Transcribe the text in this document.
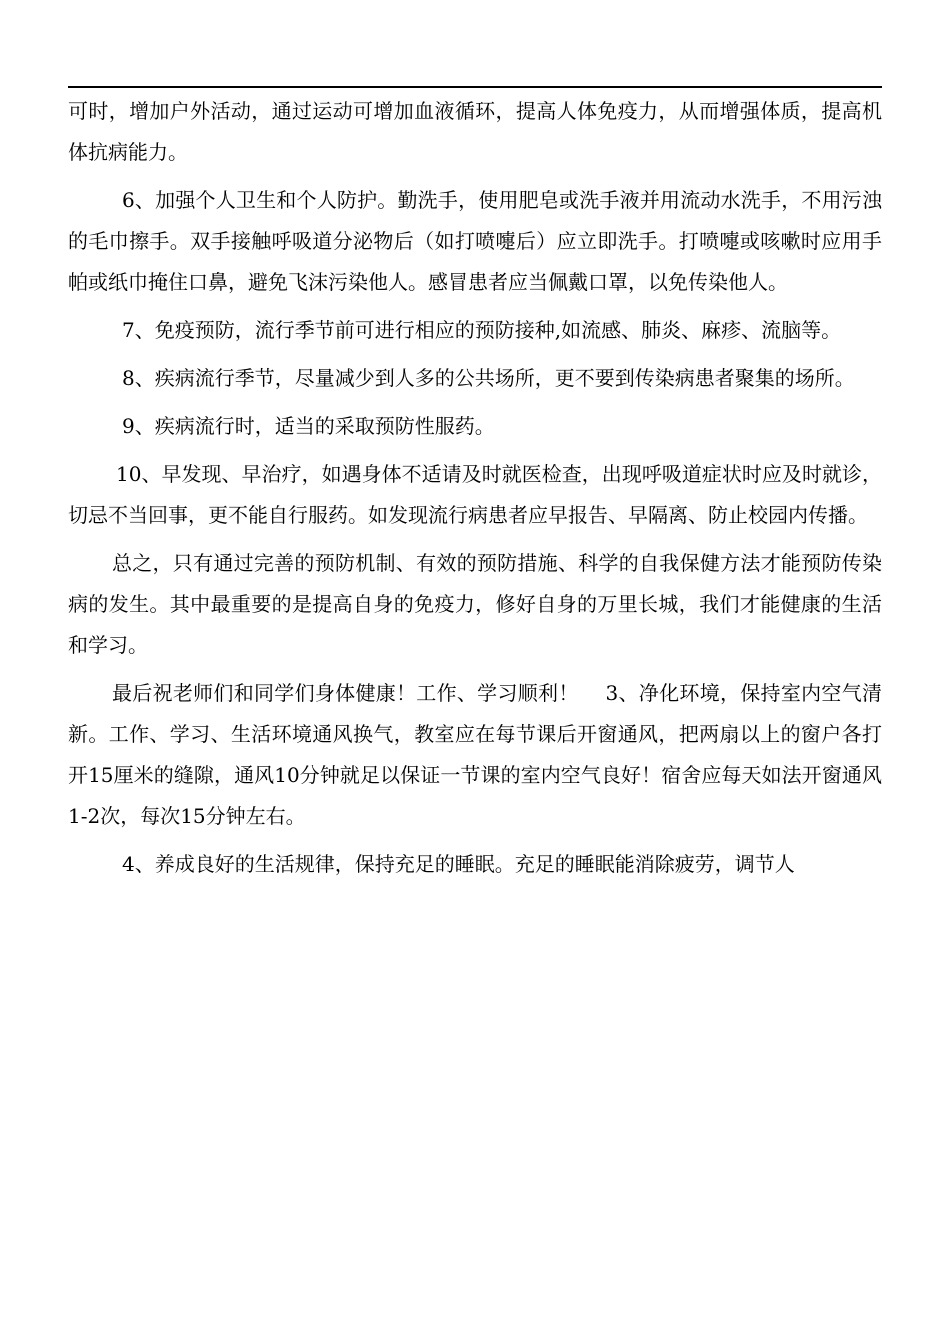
可时，增加户外活动，通过运动可增加血液循环，提高人体免疫力，从而增强体质，提高机体抗病能力。

6、加强个人卫生和个人防护。勤洗手，使用肥皂或洗手液并用流动水洗手，不用污浊的毛巾擦手。双手接触呼吸道分泌物后（如打喷嚏后）应立即洗手。打喷嚏或咳嗽时应用手帕或纸巾掩住口鼻，避免飞沫污染他人。感冒患者应当佩戴口罩，以免传染他人。

7、免疫预防，流行季节前可进行相应的预防接种,如流感、肺炎、麻疹、流脑等。

8、疾病流行季节，尽量减少到人多的公共场所，更不要到传染病患者聚集的场所。

9、疾病流行时，适当的采取预防性服药。

10、早发现、早治疗，如遇身体不适请及时就医检查，出现呼吸道症状时应及时就诊，切忌不当回事，更不能自行服药。如发现流行病患者应早报告、早隔离、防止校园内传播。

总之，只有通过完善的预防机制、有效的预防措施、科学的自我保健方法才能预防传染病的发生。其中最重要的是提高自身的免疫力，修好自身的万里长城，我们才能健康的生活和学习。

最后祝老师们和同学们身体健康！工作、学习顺利！　 3、净化环境，保持室内空气清新。工作、学习、生活环境通风换气，教室应在每节课后开窗通风，把两扇以上的窗户各打开15厘米的缝隙，通风10分钟就足以保证一节课的室内空气良好！宿舍应每天如法开窗通风1-2次，每次15分钟左右。

4、养成良好的生活规律，保持充足的睡眠。充足的睡眠能消除疲劳，调节人
